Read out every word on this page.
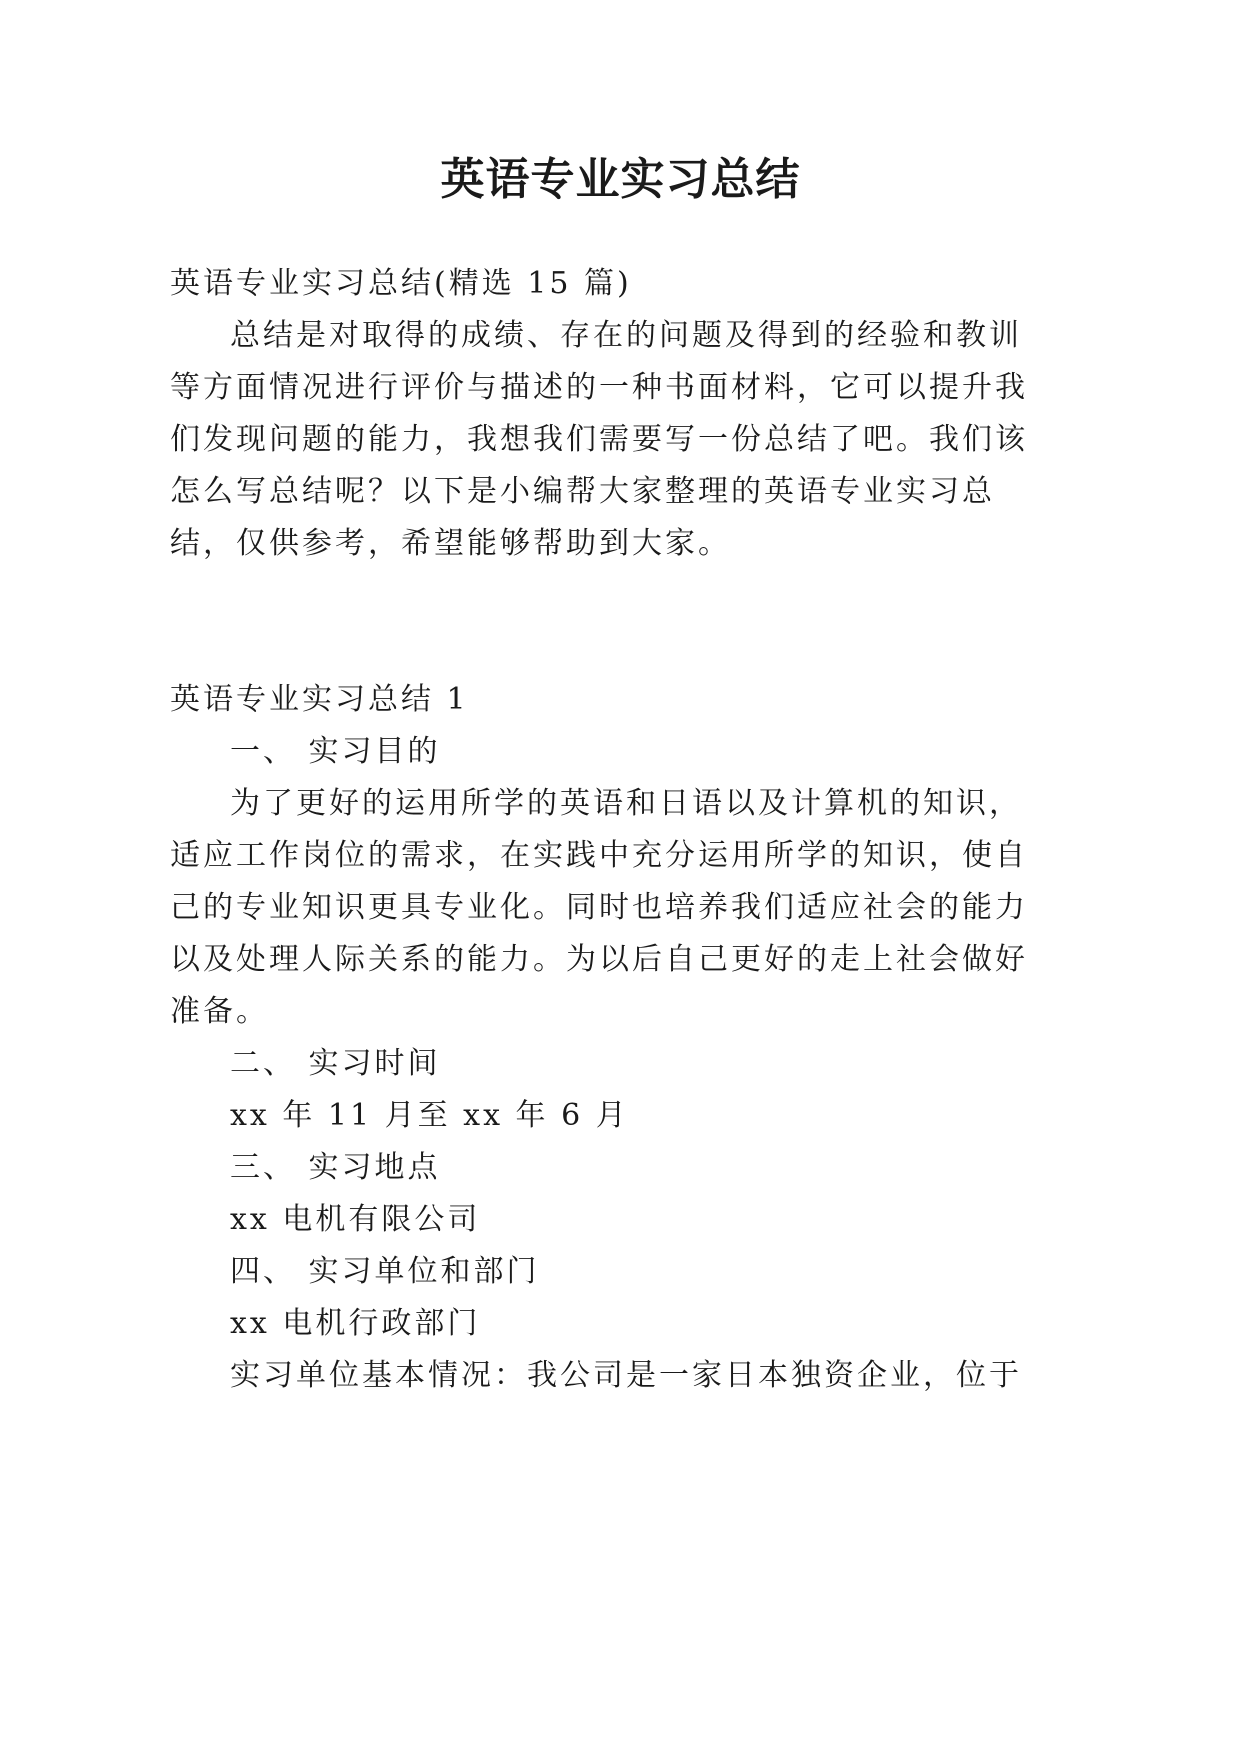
英语专业实习总结
英语专业实习总结(精选 15 篇)
总结是对取得的成绩、存在的问题及得到的经验和教训
等方面情况进行评价与描述的一种书面材料，它可以提升我
们发现问题的能力，我想我们需要写一份总结了吧。我们该
怎么写总结呢？以下是小编帮大家整理的英语专业实习总
结，仅供参考，希望能够帮助到大家。
英语专业实习总结 1
一、 实习目的
为了更好的运用所学的英语和日语以及计算机的知识，
适应工作岗位的需求，在实践中充分运用所学的知识，使自
己的专业知识更具专业化。同时也培养我们适应社会的能力
以及处理人际关系的能力。为以后自己更好的走上社会做好
准备。
二、 实习时间
xx 年 11 月至 xx 年 6 月
三、 实习地点
xx 电机有限公司
四、 实习单位和部门
xx 电机行政部门
实习单位基本情况：我公司是一家日本独资企业，位于
